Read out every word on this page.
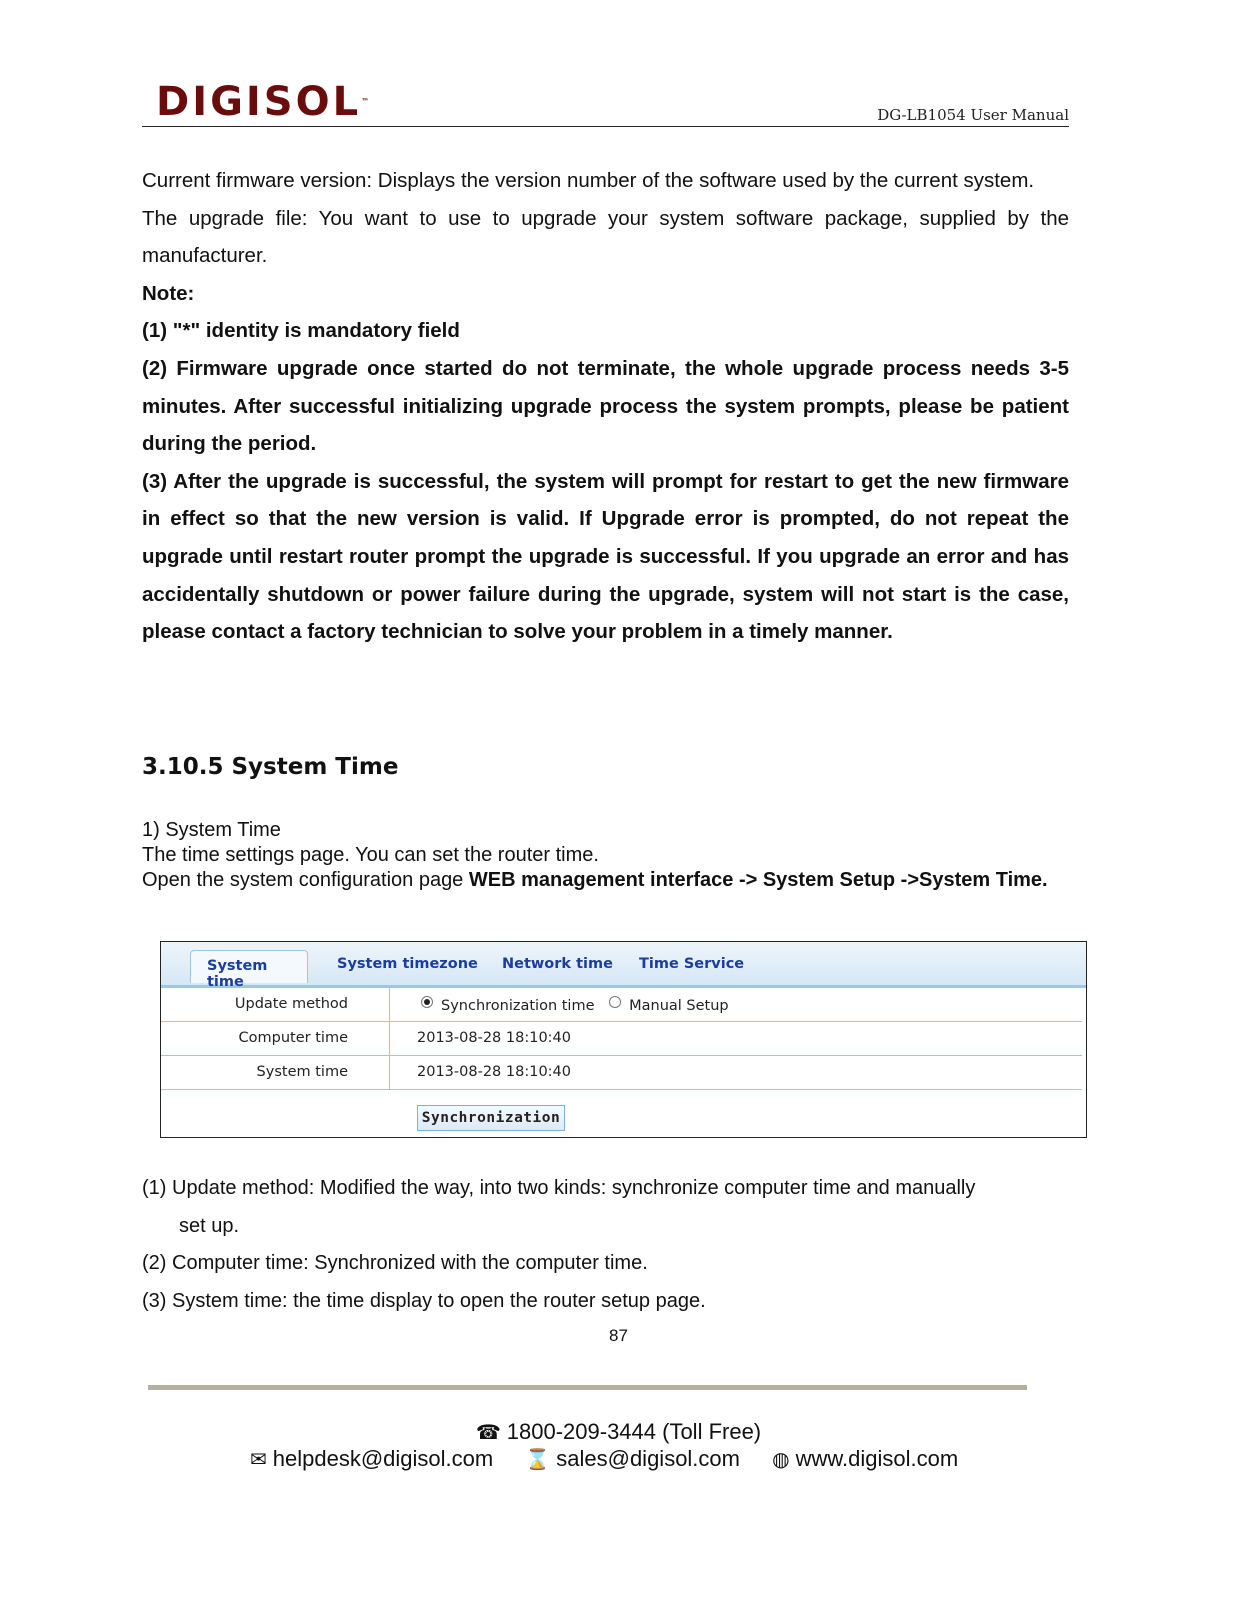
DIGISOL™
DG-LB1054 User Manual

Current firmware version: Displays the version number of the software used by the current system.

The upgrade file: You want to use to upgrade your system software package, supplied by the manufacturer.

Note:

(1) "*" identity is mandatory field

(2) Firmware upgrade once started do not terminate, the whole upgrade process needs 3-5 minutes. After successful initializing upgrade process the system prompts, please be patient during the period.

(3) After the upgrade is successful, the system will prompt for restart to get the new firmware in effect so that the new version is valid. If Upgrade error is prompted, do not repeat the upgrade until restart router prompt the upgrade is successful. If you upgrade an error and has accidentally shutdown or power failure during the upgrade, system will not start is the case, please contact a factory technician to solve your problem in a timely manner.

3.10.5 System Time

1) System Time

The time settings page. You can set the router time.

Open the system configuration page WEB management interface -> System Setup ->System Time.

System time
System timezone Network time Time Service
Update method	Synchronization time Manual Setup
Computer time	2013-08-28 18:10:40
System time	2013-08-28 18:10:40
Synchronization

(1) Update method: Modified the way, into two kinds: synchronize computer time and manually

set up.

(2) Computer time: Synchronized with the computer time.

(3) System time: the time display to open the router setup page.

87
☎ 1800-209-3444 (Toll Free)
✉ helpdesk@digisol.com ⌛ sales@digisol.com ◍ www.digisol.com
